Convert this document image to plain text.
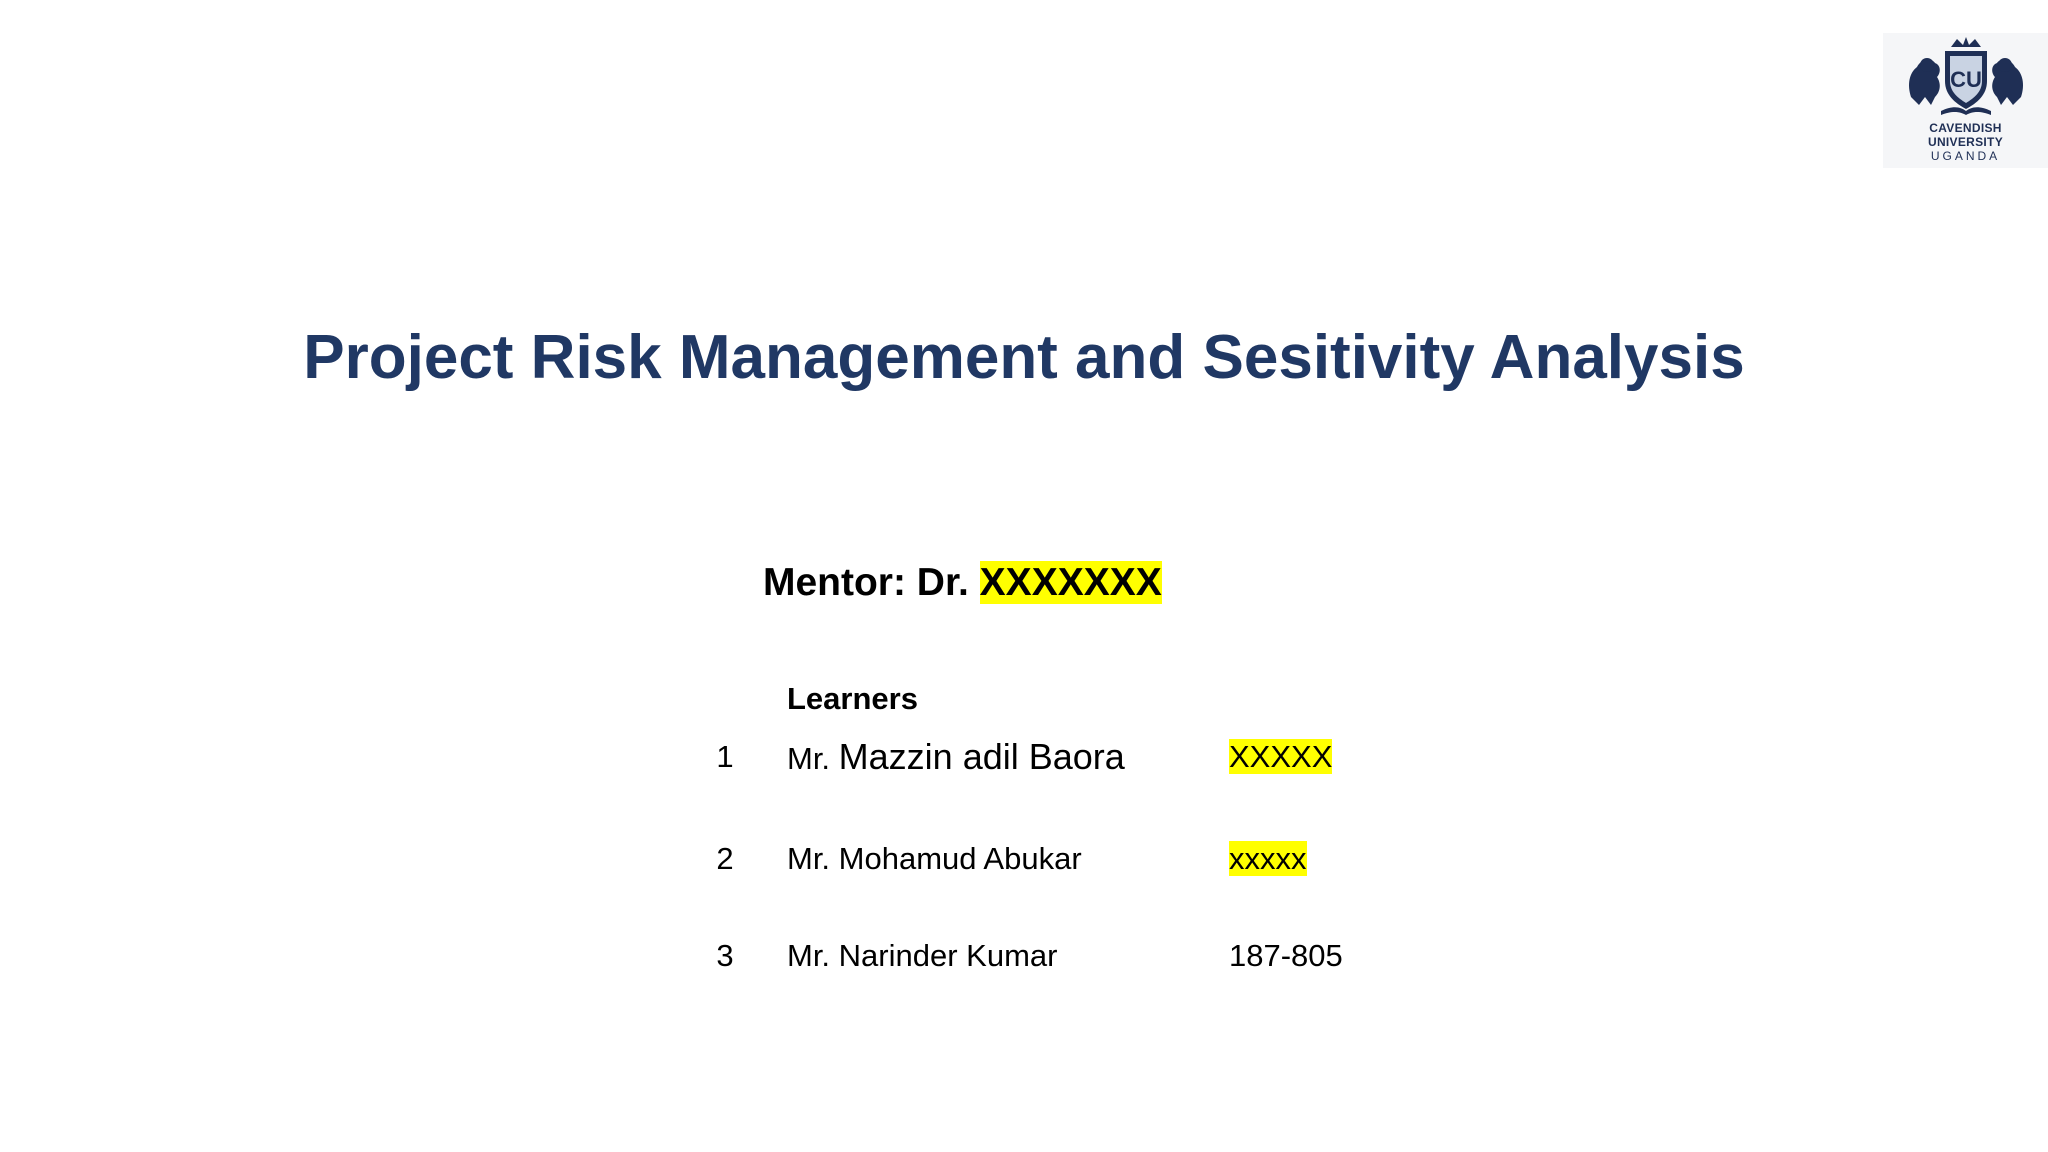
CU
CAVENDISH
UNIVERSITY
UGANDA
Project Risk Management and Sesitivity Analysis
Mentor: Dr. XXXXXXX
Learners
1 Mr. Mazzin adil Baora	XXXXX
2 Mr. Mohamud Abukar	xxxxx
3 Mr. Narinder Kumar	187-805
